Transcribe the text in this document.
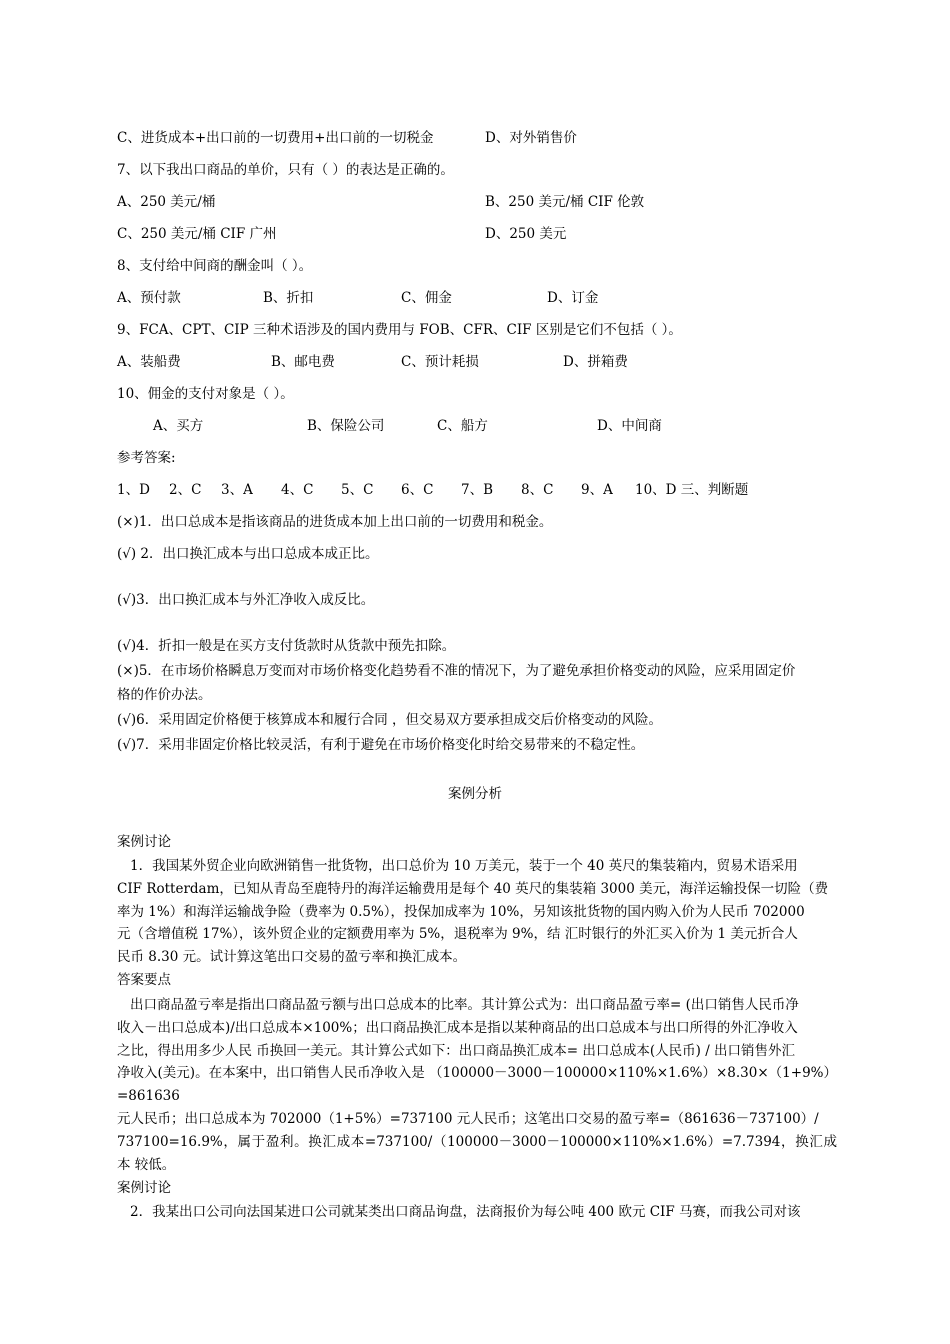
C、进货成本+出口前的一切费用+出口前的一切税金	D、对外销售价
7、以下我出口商品的单价，只有（ ）的表达是正确的。
A、250 美元/桶	B、250 美元/桶 CIF 伦敦
C、250 美元/桶 CIF 广州	D、250 美元
8、支付给中间商的酬金叫（ ）。
A、预付款	B、折扣	C、佣金	D、订金
9、FCA、CPT、CIP 三种术语涉及的国内费用与 FOB、CFR、CIF 区别是它们不包括（ ）。
A、装船费	B、邮电费	C、预计耗损	D、拼箱费
10、佣金的支付对象是（ ）。
A、买方	B、保险公司	C、船方	D、中间商
参考答案:
1、D 2、C 3、A 4、C 5、C 6、C 7、B 8、C 9、A 10、D 三、判断题
(×)1．出口总成本是指该商品的进货成本加上出口前的一切费用和税金。
(√) 2．出口换汇成本与出口总成本成正比。
(√)3．出口换汇成本与外汇净收入成反比。
(√)4．折扣一般是在买方支付货款时从货款中预先扣除。
(×)5．在市场价格瞬息万变而对市场价格变化趋势看不准的情况下，为了避免承担价格变动的风险，应采用固定价
格的作价办法。
(√)6．采用固定价格便于核算成本和履行合同 ，但交易双方要承担成交后价格变动的风险。
(√)7．采用非固定价格比较灵活，有利于避免在市场价格变化时给交易带来的不稳定性。
案例分析
案例讨论
1．我国某外贸企业向欧洲销售一批货物，出口总价为 10 万美元，装于一个 40 英尺的集装箱内，贸易术语采用
CIF Rotterdam，已知从青岛至鹿特丹的海洋运输费用是每个 40 英尺的集装箱 3000 美元，海洋运输投保一切险（费
率为 1%）和海洋运输战争险（费率为 0.5%），投保加成率为 10%，另知该批货物的国内购入价为人民币 702000
元（含增值税 17%），该外贸企业的定额费用率为 5%，退税率为 9%，结 汇时银行的外汇买入价为 1 美元折合人
民币 8.30 元。试计算这笔出口交易的盈亏率和换汇成本。
答案要点
出口商品盈亏率是指出口商品盈亏额与出口总成本的比率。其计算公式为：出口商品盈亏率= (出口销售人民币净
收入－出口总成本)/出口总成本×100%；出口商品换汇成本是指以某种商品的出口总成本与出口所得的外汇净收入
之比，得出用多少人民 币换回一美元。其计算公式如下：出口商品换汇成本= 出口总成本(人民币) / 出口销售外汇
净收入(美元)。在本案中，出口销售人民币净收入是 （100000－3000－100000×110%×1.6%）×8.30×（1+9%）=861636
元人民币；出口总成本为 702000（1+5%）=737100 元人民币；这笔出口交易的盈亏率=（861636－737100）/
737100=16.9%，属于盈利。换汇成本=737100/（100000－3000－100000×110%×1.6%）=7.7394，换汇成本 较低。
案例讨论
2．我某出口公司向法国某进口公司就某类出口商品询盘，法商报价为每公吨 400 欧元 CIF 马赛，而我公司对该
